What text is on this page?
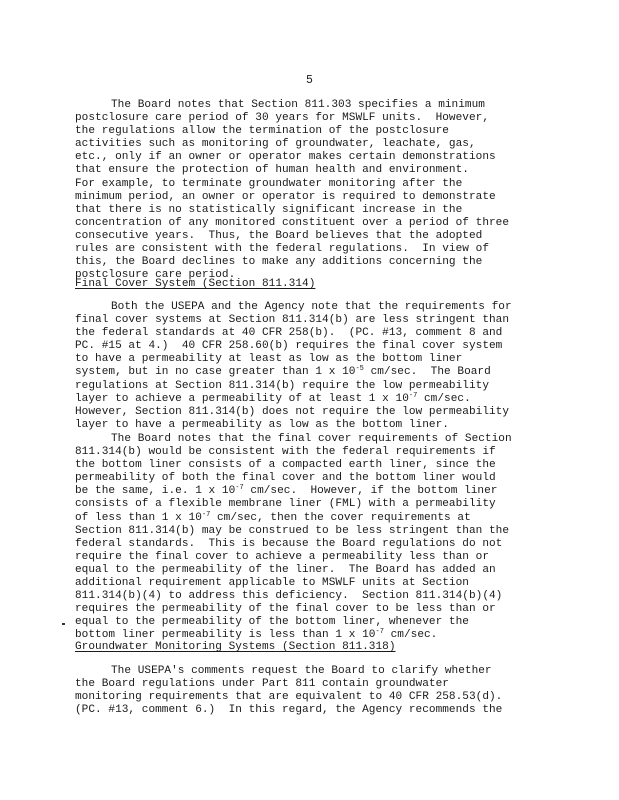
5
The Board notes that Section 811.303 specifies a minimum
postclosure care period of 30 years for MSWLF units.  However,
the regulations allow the termination of the postclosure
activities such as monitoring of groundwater, leachate, gas,
etc., only if an owner or operator makes certain demonstrations
that ensure the protection of human health and environment.
For example, to terminate groundwater monitoring after the
minimum period, an owner or operator is required to demonstrate
that there is no statistically significant increase in the
concentration of any monitored constituent over a period of three
consecutive years.  Thus, the Board believes that the adopted
rules are consistent with the federal regulations.  In view of
this, the Board declines to make any additions concerning the
postclosure care period.
Final Cover System (Section 811.314)
Both the USEPA and the Agency note that the requirements for
final cover systems at Section 811.314(b) are less stringent than
the federal standards at 40 CFR 258(b).  (PC. #13, comment 8 and
PC. #15 at 4.)  40 CFR 258.60(b) requires the final cover system
to have a permeability at least as low as the bottom liner
system, but in no case greater than 1 x $10^{-5}$ cm/sec.  The Board
regulations at Section 811.314(b) require the low permeability
layer to achieve a permeability of at least 1 x $10^{-7}$ cm/sec.
However, Section 811.314(b) does not require the low permeability
layer to have a permeability as low as the bottom liner.
The Board notes that the final cover requirements of Section
811.314(b) would be consistent with the federal requirements if
the bottom liner consists of a compacted earth liner, since the
permeability of both the final cover and the bottom liner would
be the same, i.e. 1 x $10^{-7}$ cm/sec.  However, if the bottom liner
consists of a flexible membrane liner (FML) with a permeability
of less than 1 x $10^{-7}$ cm/sec, then the cover requirements at
Section 811.314(b) may be construed to be less stringent than the
federal standards.  This is because the Board regulations do not
require the final cover to achieve a permeability less than or
equal to the permeability of the liner.  The Board has added an
additional requirement applicable to MSWLF units at Section
811.314(b)(4) to address this deficiency.  Section 811.314(b)(4)
requires the permeability of the final cover to be less than or
equal to the permeability of the bottom liner, whenever the
bottom liner permeability is less than 1 x $10^{-7}$ cm/sec.
Groundwater Monitoring Systems (Section 811.318)
The USEPA's comments request the Board to clarify whether
the Board regulations under Part 811 contain groundwater
monitoring requirements that are equivalent to 40 CFR 258.53(d).
(PC. #13, comment 6.)  In this regard, the Agency recommends the
